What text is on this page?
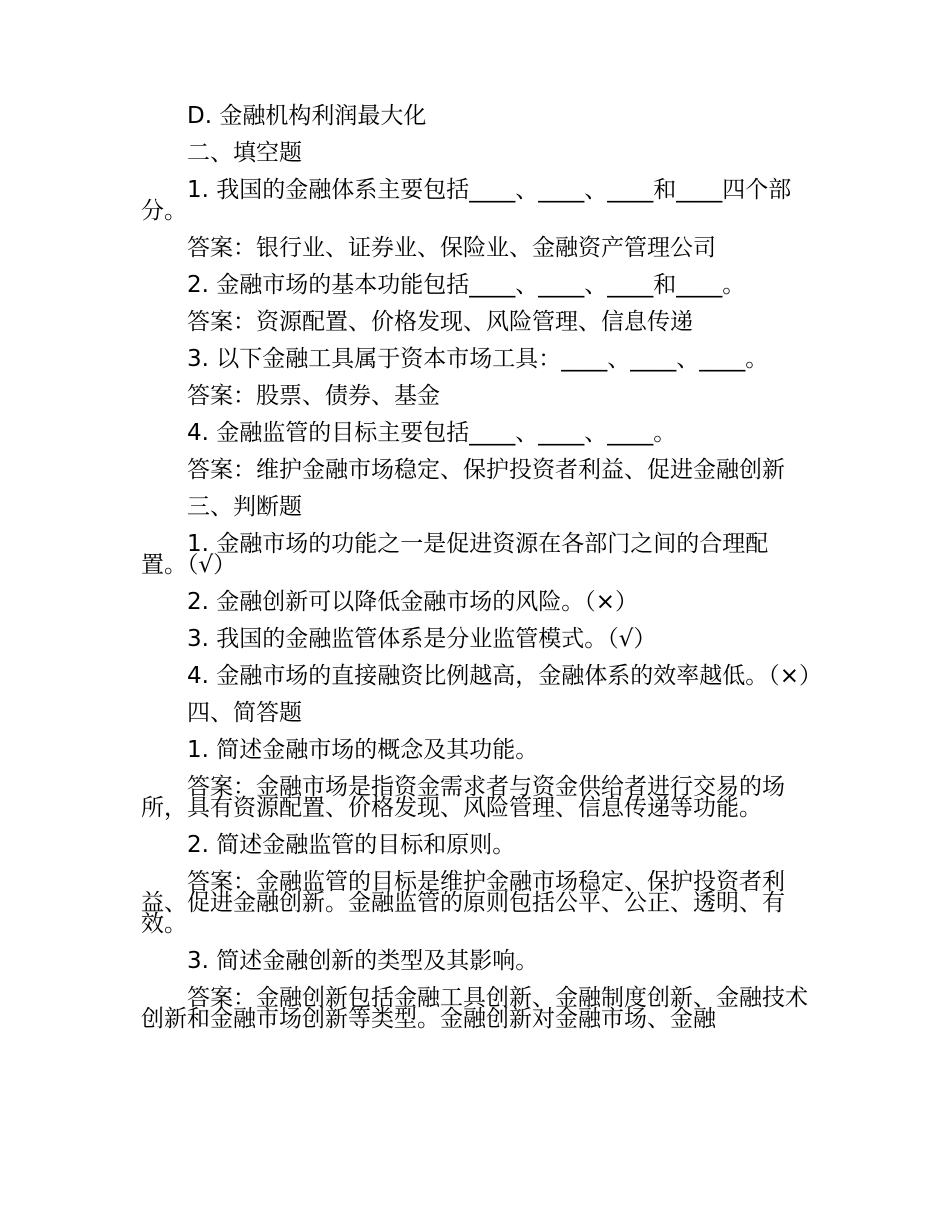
D. 金融机构利润最大化

二、填空题

1. 我国的金融体系主要包括____、____、____和____四个部分。

答案：银行业、证券业、保险业、金融资产管理公司

2. 金融市场的基本功能包括____、____、____和____。

答案：资源配置、价格发现、风险管理、信息传递

3. 以下金融工具属于资本市场工具：____、____、____。

答案：股票、债券、基金

4. 金融监管的目标主要包括____、____、____。

答案：维护金融市场稳定、保护投资者利益、促进金融创新

三、判断题

1. 金融市场的功能之一是促进资源在各部门之间的合理配置。（√）

2. 金融创新可以降低金融市场的风险。（×）

3. 我国的金融监管体系是分业监管模式。（√）

4. 金融市场的直接融资比例越高，金融体系的效率越低。（×）

四、简答题

1. 简述金融市场的概念及其功能。

答案：金融市场是指资金需求者与资金供给者进行交易的场所，具有资源配置、价格发现、风险管理、信息传递等功能。

2. 简述金融监管的目标和原则。

答案：金融监管的目标是维护金融市场稳定、保护投资者利益、促进金融创新。金融监管的原则包括公平、公正、透明、有效。

3. 简述金融创新的类型及其影响。

答案：金融创新包括金融工具创新、金融制度创新、金融技术创新和金融市场创新等类型。金融创新对金融市场、金融
